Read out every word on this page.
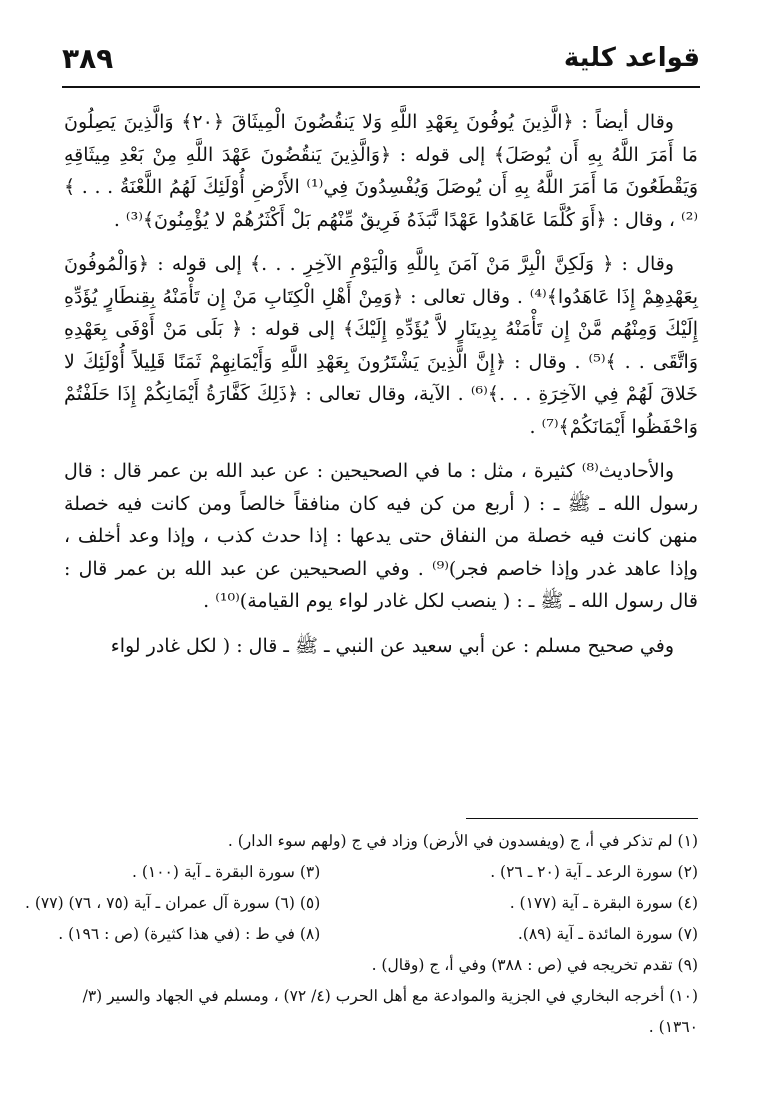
قواعد كلية
٣٨٩

وقال أيضاً : ﴿الَّذِينَ يُوفُونَ بِعَهْدِ اللَّهِ وَلا يَنقُضُونَ الْمِيثَاقَ ﴿٢٠﴾ وَالَّذِينَ يَصِلُونَ مَا أَمَرَ اللَّهُ بِهِ أَن يُوصَلَ﴾ إلى قوله : ﴿وَالَّذِينَ يَنقُضُونَ عَهْدَ اللَّهِ مِنْ بَعْدِ مِيثَاقِهِ وَيَقْطَعُونَ مَا أَمَرَ اللَّهُ بِهِ أَن يُوصَلَ وَيُفْسِدُونَ فِي⁽¹⁾ الأَرْضِ أُوْلَئِكَ لَهُمُ اللَّعْنَةُ . . . ﴾⁽²⁾ ، وقال : ﴿أَوَ كُلَّمَا عَاهَدُوا عَهْدًا نَّبَذَهُ فَرِيقٌ مِّنْهُم بَلْ أَكْثَرُهُمْ لا يُؤْمِنُونَ﴾⁽³⁾ .

وقال : ﴿ وَلَكِنَّ الْبِرَّ مَنْ آمَنَ بِاللَّهِ وَالْيَوْمِ الآخِرِ . . .﴾ إلى قوله : ﴿وَالْمُوفُونَ بِعَهْدِهِمْ إِذَا عَاهَدُوا﴾⁽⁴⁾ . وقال تعالى : ﴿وَمِنْ أَهْلِ الْكِتَابِ مَنْ إِن تَأْمَنْهُ بِقِنطَارٍ يُؤَدِّهِ إِلَيْكَ وَمِنْهُم مَّنْ إِن تَأْمَنْهُ بِدِينَارٍ لاَّ يُؤَدِّهِ إِلَيْكَ﴾ إلى قوله : ﴿ بَلَى مَنْ أَوْفَى بِعَهْدِهِ وَاتَّقَى . . ﴾⁽⁵⁾ . وقال : ﴿إِنَّ الَّذِينَ يَشْتَرُونَ بِعَهْدِ اللَّهِ وَأَيْمَانِهِمْ ثَمَنًا قَلِيلاً أُوْلَئِكَ لا خَلاقَ لَهُمْ فِي الآخِرَةِ . . .﴾⁽⁶⁾ . الآية، وقال تعالى : ﴿ذَلِكَ كَفَّارَةُ أَيْمَانِكُمْ إِذَا حَلَفْتُمْ وَاحْفَظُوا أَيْمَانَكُمْ﴾⁽⁷⁾ .

والأحاديث⁽⁸⁾ كثيرة ، مثل : ما في الصحيحين : عن عبد الله بن عمر قال : قال رسول الله ـ ﷺ ـ : ( أربع من كن فيه كان منافقاً خالصاً ومن كانت فيه خصلة منهن كانت فيه خصلة من النفاق حتى يدعها : إذا حدث كذب ، وإذا وعد أخلف ، وإذا عاهد غدر وإذا خاصم فجر)⁽⁹⁾ . وفي الصحيحين عن عبد الله بن عمر قال : قال رسول الله ـ ﷺ ـ : ( ينصب لكل غادر لواء يوم القيامة)⁽¹⁰⁾ .

وفي صحيح مسلم : عن أبي سعيد عن النبي ـ ﷺ ـ قال : ( لكل غادر لواء

(١) لم تذكر في أ، ج (ويفسدون في الأرض) وزاد في ج (ولهم سوء الدار) .

(٢) سورة الرعد ـ آية (٢٠ ـ ٢٦) .
(٣) سورة البقرة ـ آية (١٠٠) .
(٤) سورة البقرة ـ آية (١٧٧) .
(٥) (٦) سورة آل عمران ـ آية (٧٥ ، ٧٦) (٧٧) .
(٧) سورة المائدة ـ آية (٨٩).
(٨) في ط : (في هذا كثيرة) (ص : ١٩٦) .

(٩) تقدم تخريجه في (ص : ٣٨٨) وفي أ، ج (وقال) .

(١٠) أخرجه البخاري في الجزية والموادعة مع أهل الحرب (٤/ ٧٢) ، ومسلم في الجهاد والسير (٣/ ١٣٦٠) .
